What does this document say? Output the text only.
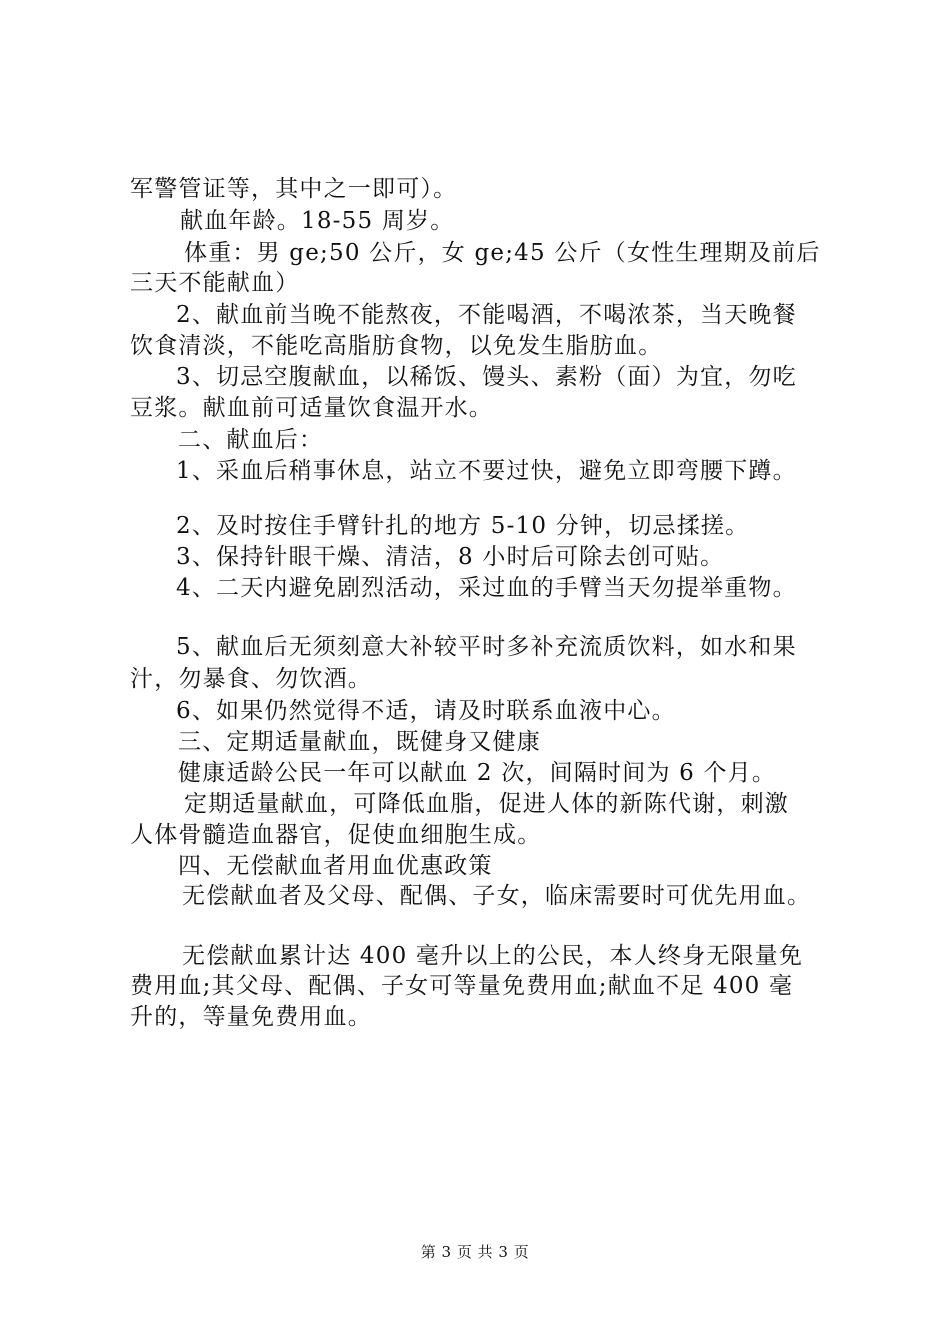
军警管证等，其中之一即可）。
献血年龄。18-55 周岁。
体重：男 ge;50 公斤，女 ge;45 公斤（女性生理期及前后
三天不能献血）
2、献血前当晚不能熬夜，不能喝酒，不喝浓茶，当天晚餐
饮食清淡，不能吃高脂肪食物，以免发生脂肪血。
3、切忌空腹献血，以稀饭、馒头、素粉（面）为宜，勿吃
豆浆。献血前可适量饮食温开水。
二、献血后：
1、采血后稍事休息，站立不要过快，避免立即弯腰下蹲。
2、及时按住手臂针扎的地方 5-10 分钟，切忌揉搓。
3、保持针眼干燥、清洁，8 小时后可除去创可贴。
4、二天内避免剧烈活动，采过血的手臂当天勿提举重物。
5、献血后无须刻意大补较平时多补充流质饮料，如水和果
汁，勿暴食、勿饮酒。
6、如果仍然觉得不适，请及时联系血液中心。
三、定期适量献血，既健身又健康
健康适龄公民一年可以献血 2 次，间隔时间为 6 个月。
定期适量献血，可降低血脂，促进人体的新陈代谢，刺激
人体骨髓造血器官，促使血细胞生成。
四、无偿献血者用血优惠政策
无偿献血者及父母、配偶、子女，临床需要时可优先用血。
无偿献血累计达 400 毫升以上的公民，本人终身无限量免
费用血;其父母、配偶、子女可等量免费用血;献血不足 400 毫
升的，等量免费用血。
第 3 页 共 3 页
